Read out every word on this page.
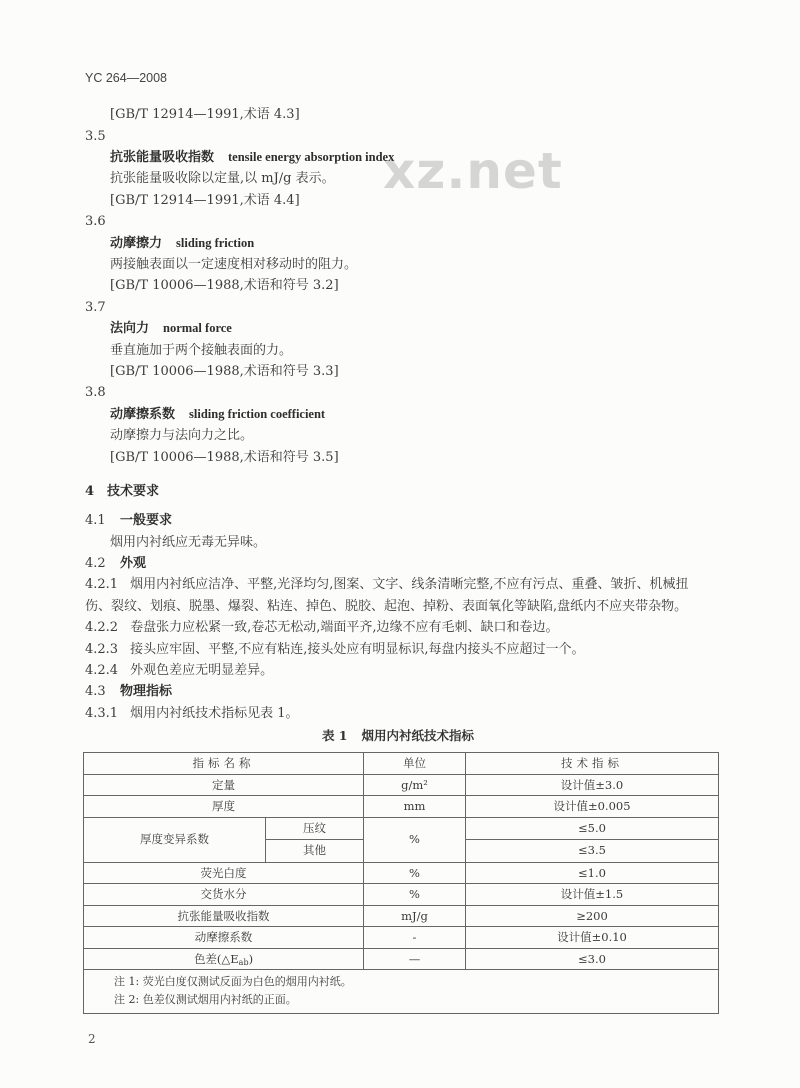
xz.net
YC 264—2008
[GB/T 12914—1991,术语 4.3]
3.5
抗张能量吸收指数 tensile energy absorption index
抗张能量吸收除以定量,以 mJ/g 表示。
[GB/T 12914—1991,术语 4.4]
3.6
动摩擦力 sliding friction
两接触表面以一定速度相对移动时的阻力。
[GB/T 10006—1988,术语和符号 3.2]
3.7
法向力 normal force
垂直施加于两个接触表面的力。
[GB/T 10006—1988,术语和符号 3.3]
3.8
动摩擦系数 sliding friction coefficient
动摩擦力与法向力之比。
[GB/T 10006—1988,术语和符号 3.5]
4 技术要求
4.1 一般要求
烟用内衬纸应无毒无异味。
4.2 外观
4.2.1 烟用内衬纸应洁净、平整,光泽均匀,图案、文字、线条清晰完整,不应有污点、重叠、皱折、机械扭
伤、裂纹、划痕、脱墨、爆裂、粘连、掉色、脱胶、起泡、掉粉、表面氧化等缺陷,盘纸内不应夹带杂物。
4.2.2 卷盘张力应松紧一致,卷芯无松动,端面平齐,边缘不应有毛刺、缺口和卷边。
4.2.3 接头应牢固、平整,不应有粘连,接头处应有明显标识,每盘内接头不应超过一个。
4.2.4 外观色差应无明显差异。
4.3 物理指标
4.3.1 烟用内衬纸技术指标见表 1。
表 1 烟用内衬纸技术指标
指标名称		单位	技术指标
定量		g/m²	设计值±3.0
厚度		mm	设计值±0.005
厚度变异系数	压纹	%	≤5.0
	其他		≤3.5
荧光白度		%	≤1.0
交货水分		%	设计值±1.5
抗张能量吸收指数		mJ/g	≥200
动摩擦系数		-	设计值±0.10
色差$(\triangle E_{ab})$		—	≤3.0

注 1: 荧光白度仅测试反面为白色的烟用内衬纸。
注 2: 色差仪测试烟用内衬纸的正面。			
2
